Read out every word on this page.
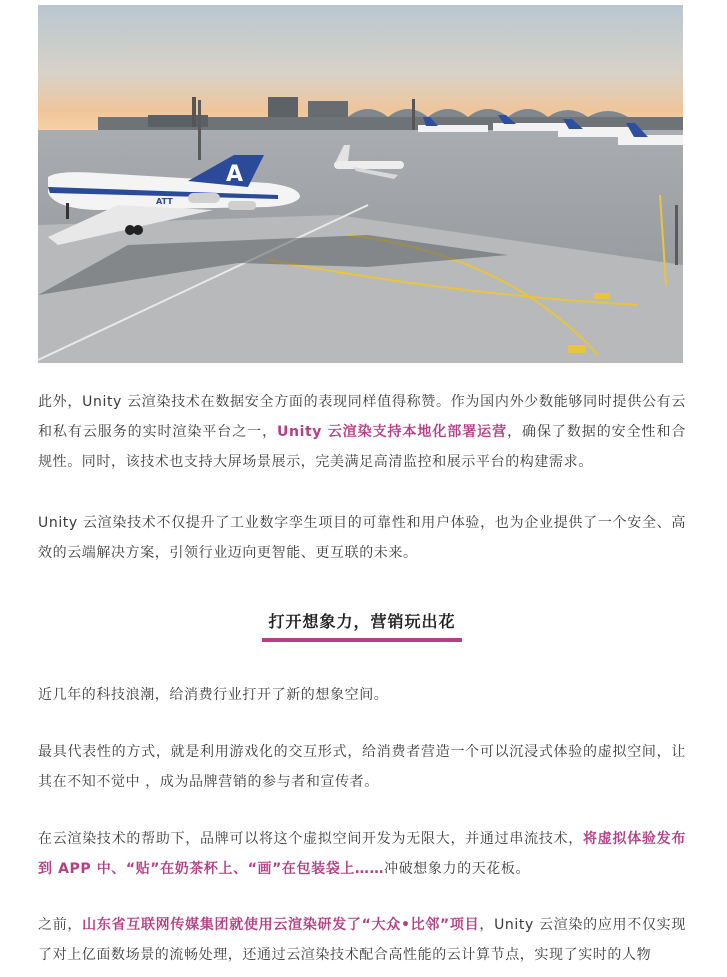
A
ATT

此外，Unity 云渲染技术在数据安全方面的表现同样值得称赞。作为国内外少数能够同时提供公有云和私有云服务的实时渲染平台之一，Unity 云渲染支持本地化部署运营，确保了数据的安全性和合规性。同时，该技术也支持大屏场景展示，完美满足高清监控和展示平台的构建需求。

Unity 云渲染技术不仅提升了工业数字孪生项目的可靠性和用户体验，也为企业提供了一个安全、高效的云端解决方案，引领行业迈向更智能、更互联的未来。

打开想象力，营销玩出花

近几年的科技浪潮，给消费行业打开了新的想象空间。

最具代表性的方式，就是利用游戏化的交互形式，给消费者营造一个可以沉浸式体验的虚拟空间，让其在不知不觉中 ，成为品牌营销的参与者和宣传者。

在云渲染技术的帮助下，品牌可以将这个虚拟空间开发为无限大，并通过串流技术，将虚拟体验发布到 APP 中、“贴”在奶茶杯上、“画”在包装袋上……冲破想象力的天花板。

之前，山东省互联网传媒集团就使用云渲染研发了“大众•比邻”项目，Unity 云渲染的应用不仅实现了对上亿面数场景的流畅处理，还通过云渲染技术配合高性能的云计算节点，实现了实时的人物
